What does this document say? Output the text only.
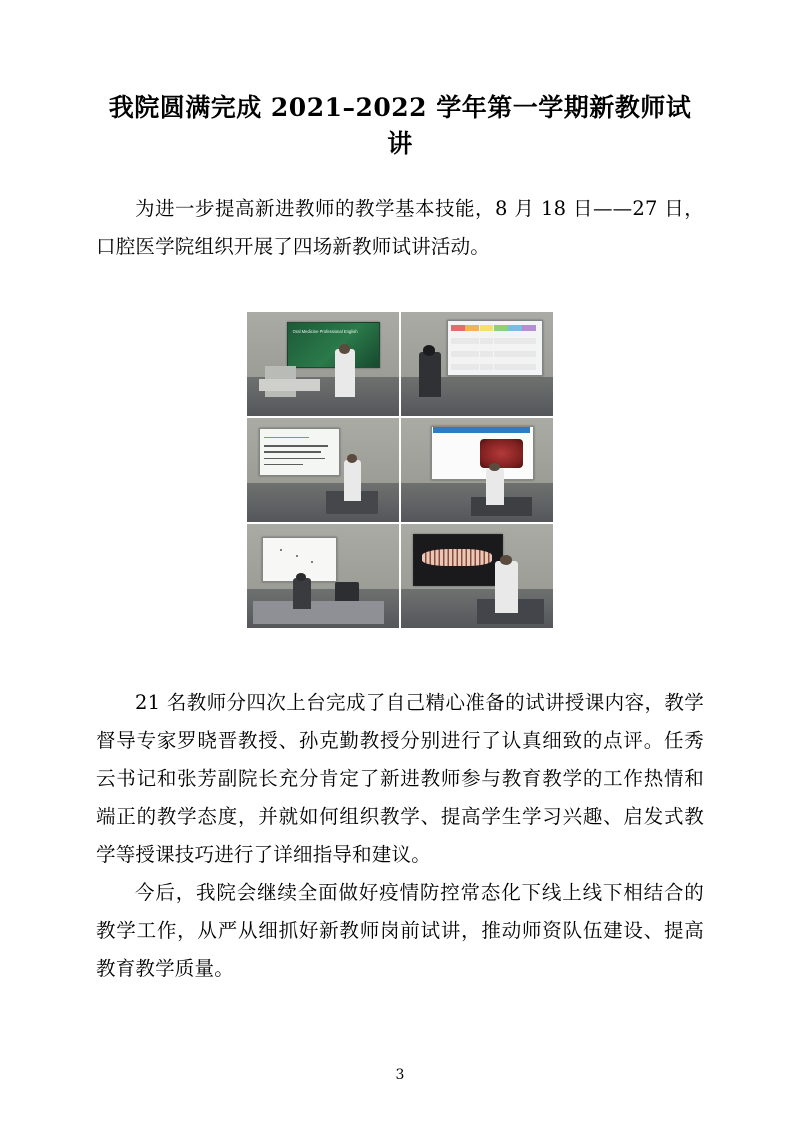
我院圆满完成 2021–2022 学年第一学期新教师试讲

为进一步提高新进教师的教学基本技能，8 月 18 日——27 日，口腔医学院组织开展了四场新教师试讲活动。

Oral Medicine Professional English

21 名教师分四次上台完成了自己精心准备的试讲授课内容，教学督导专家罗晓晋教授、孙克勤教授分别进行了认真细致的点评。任秀云书记和张芳副院长充分肯定了新进教师参与教育教学的工作热情和端正的教学态度，并就如何组织教学、提高学生学习兴趣、启发式教学等授课技巧进行了详细指导和建议。

今后，我院会继续全面做好疫情防控常态化下线上线下相结合的教学工作，从严从细抓好新教师岗前试讲，推动师资队伍建设、提高教育教学质量。

3
